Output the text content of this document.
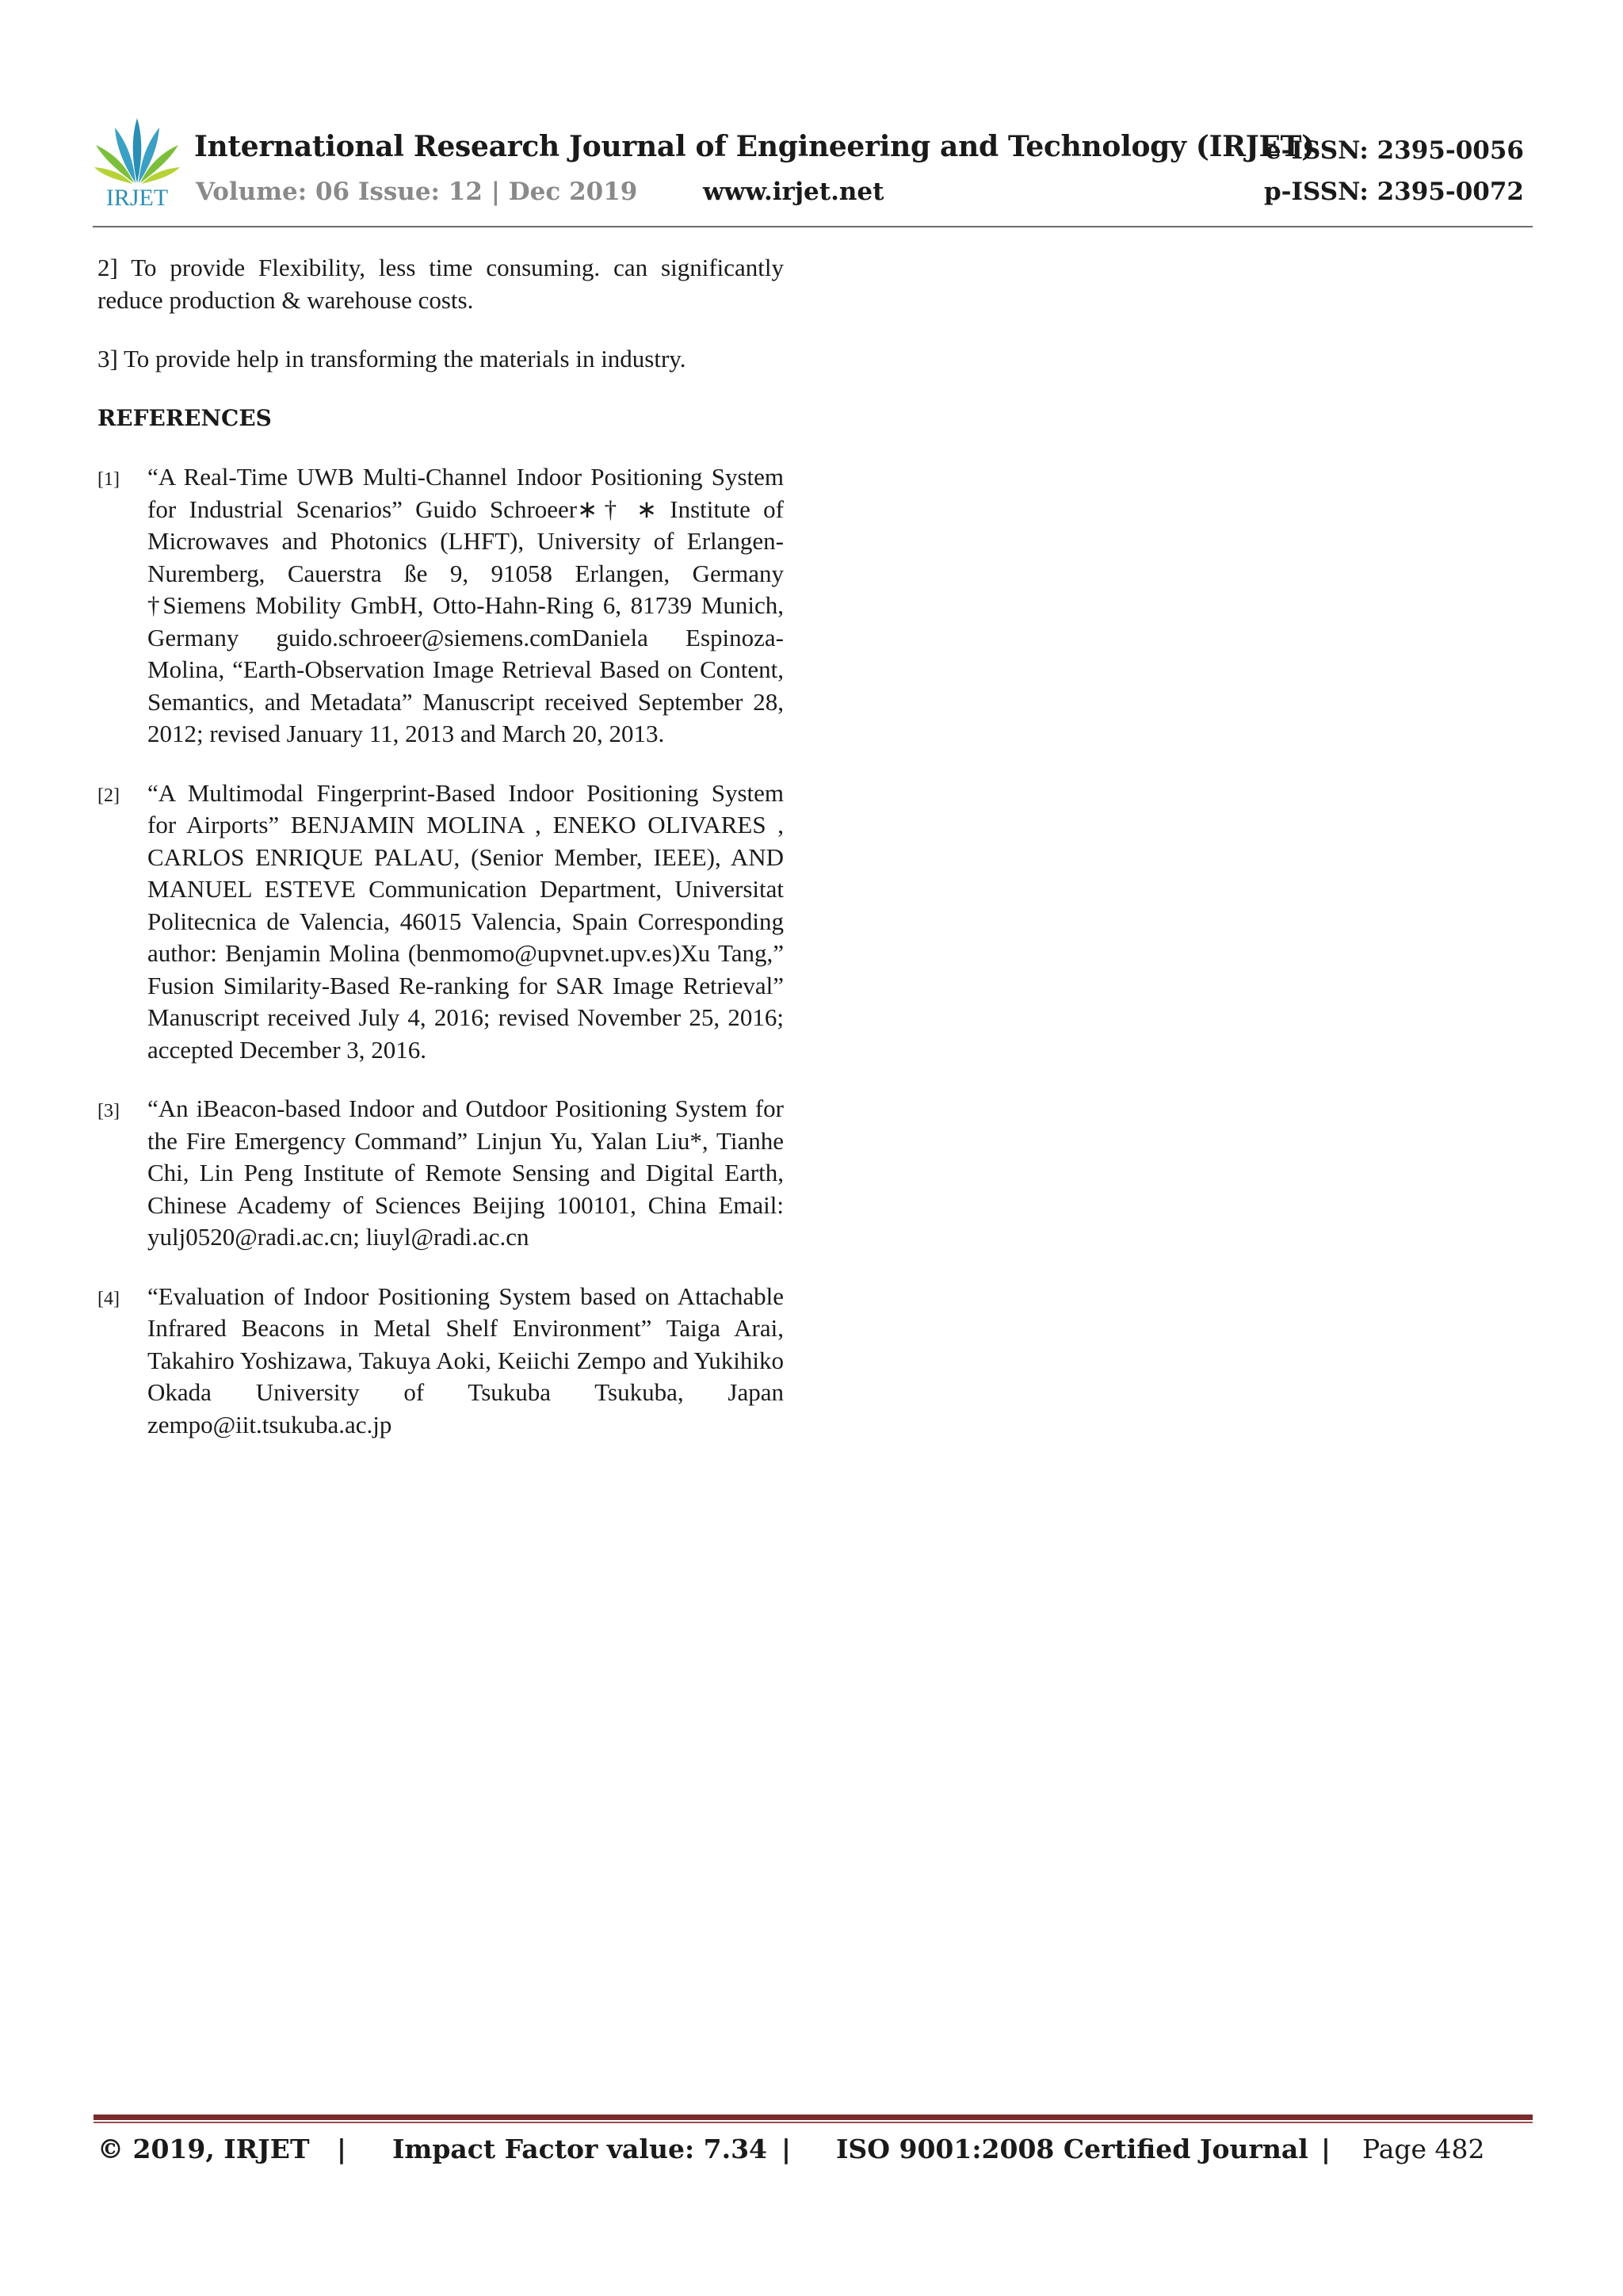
IRJET
International Research Journal of Engineering and Technology (IRJET)
Volume: 06 Issue: 12 | Dec 2019	www.irjet.net
e-ISSN: 2395-0056
p-ISSN: 2395-0072

2] To provide Flexibility, less time consuming. can significantly reduce production & warehouse costs.

3] To provide help in transforming the materials in industry.

REFERENCES
[1] “A Real-Time UWB Multi-Channel Indoor Positioning System for Industrial Scenarios” Guido Schroeer∗† ∗ Institute of Microwaves and Photonics (LHFT), University of Erlangen-Nuremberg, Cauerstra ße 9, 91058 Erlangen, Germany †Siemens Mobility GmbH, Otto-Hahn-Ring 6, 81739 Munich, Germany guido.schroeer@siemens.comDaniela Espinoza-Molina, “Earth-Observation Image Retrieval Based on Content, Semantics, and Metadata” Manuscript received September 28, 2012; revised January 11, 2013 and March 20, 2013.
[2] “A Multimodal Fingerprint-Based Indoor Positioning System for Airports” BENJAMIN MOLINA , ENEKO OLIVARES , CARLOS ENRIQUE PALAU, (Senior Member, IEEE), AND MANUEL ESTEVE Communication Department, Universitat Politecnica de Valencia, 46015 Valencia, Spain Corresponding author: Benjamin Molina (benmomo@upvnet.upv.es)Xu Tang,” Fusion Similarity-Based Re-ranking for SAR Image Retrieval” Manuscript received July 4, 2016; revised November 25, 2016; accepted December 3, 2016.
[3] “An iBeacon-based Indoor and Outdoor Positioning System for the Fire Emergency Command” Linjun Yu, Yalan Liu*, Tianhe Chi, Lin Peng Institute of Remote Sensing and Digital Earth, Chinese Academy of Sciences Beijing 100101, China Email: yulj0520@radi.ac.cn; liuyl@radi.ac.cn
[4] “Evaluation of Indoor Positioning System based on Attachable Infrared Beacons in Metal Shelf Environment” Taiga Arai, Takahiro Yoshizawa, Takuya Aoki, Keiichi Zempo and Yukihiko Okada University of Tsukuba Tsukuba, Japan zempo@iit.tsukuba.ac.jp
© 2019, IRJET | Impact Factor value: 7.34 | ISO 9001:2008 Certified Journal | Page 482
